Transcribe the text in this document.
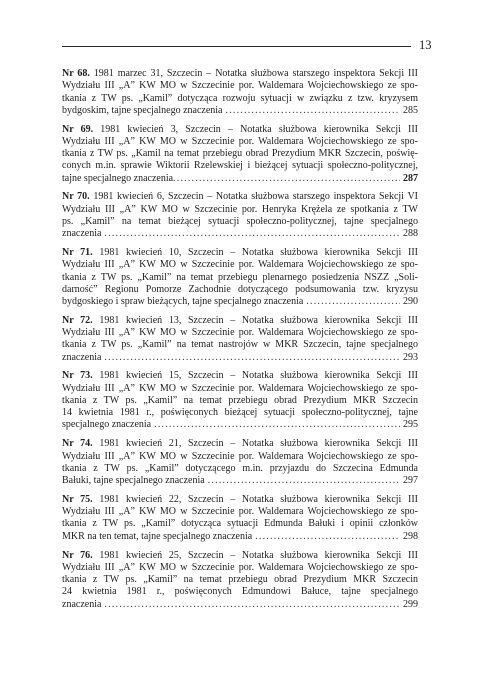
13
Nr 68. 1981 marzec 31, Szczecin – Notatka służbowa starszego inspektora Sekcji III
Wydziału III „A” KW MO w Szczecinie por. Waldemara Wojciechowskiego ze spo-
tkania z TW ps. „Kamil” dotycząca rozwoju sytuacji w związku z tzw. kryzysem
bydgoskim, tajne specjalnego znaczenia .....	285
Nr 69. 1981 kwiecień 3, Szczecin – Notatka służbowa kierownika Sekcji III
Wydziału III „A” KW MO w Szczecinie por. Waldemara Wojciechowskiego ze spo-
tkania z TW ps. „Kamil na temat przebiegu obrad Prezydium MKR Szczecin, poświę-
conych m.in. sprawie Wiktorii Rzelewskiej i bieżącej sytuacji społeczno-politycznej,
tajne specjalnego znaczenia .....	287
Nr 70. 1981 kwiecień 6, Szczecin – Notatka służbowa starszego inspektora Sekcji VI
Wydziału III „A” KW MO w Szczecinie por. Henryka Krężela ze spotkania z TW
ps. „Kamil” na temat bieżącej sytuacji społeczno-politycznej, tajne specjalnego
znaczenia .....	288
Nr 71. 1981 kwiecień 10, Szczecin – Notatka służbowa kierownika Sekcji III
Wydziału III „A” KW MO w Szczecinie por. Waldemara Wojciechowskiego ze spo-
tkania z TW ps. „Kamil” na temat przebiegu plenarnego posiedzenia NSZZ „Soli-
darność” Regionu Pomorze Zachodnie dotyczącego podsumowania tzw. kryzysu
bydgoskiego i spraw bieżących, tajne specjalnego znaczenia .....	290
Nr 72. 1981 kwiecień 13, Szczecin – Notatka służbowa kierownika Sekcji III
Wydziału III „A” KW MO w Szczecinie por. Waldemara Wojciechowskiego ze spo-
tkania z TW ps. „Kamil” na temat nastrojów w MKR Szczecin, tajne specjalnego
znaczenia .....	293
Nr 73. 1981 kwiecień 15, Szczecin – Notatka służbowa kierownika Sekcji III
Wydziału III „A” KW MO w Szczecinie por. Waldemara Wojciechowskiego ze spo-
tkania z TW ps. „Kamil” na temat przebiegu obrad Prezydium MKR Szczecin
14 kwietnia 1981 r., poświęconych bieżącej sytuacji społeczno-politycznej, tajne
specjalnego znaczenia .....	295
Nr 74. 1981 kwiecień 21, Szczecin – Notatka służbowa kierownika Sekcji III
Wydziału III „A” KW MO w Szczecinie por. Waldemara Wojciechowskiego ze spo-
tkania z TW ps. „Kamil” dotyczącego m.in. przyjazdu do Szczecina Edmunda
Bałuki, tajne specjalnego znaczenia .....	297
Nr 75. 1981 kwiecień 22, Szczecin – Notatka służbowa kierownika Sekcji III
Wydziału III „A” KW MO w Szczecinie por. Waldemara Wojciechowskiego ze spo-
tkania z TW ps. „Kamil” dotycząca sytuacji Edmunda Bałuki i opinii członków
MKR na ten temat, tajne specjalnego znaczenia .....	298
Nr 76. 1981 kwiecień 25, Szczecin – Notatka służbowa kierownika Sekcji III
Wydziału III „A” KW MO w Szczecinie por. Waldemara Wojciechowskiego ze spo-
tkania z TW ps. „Kamil” na temat przebiegu obrad Prezydium MKR Szczecin
24 kwietnia 1981 r., poświęconych Edmundowi Bałuce, tajne specjalnego
znaczenia .....	299
